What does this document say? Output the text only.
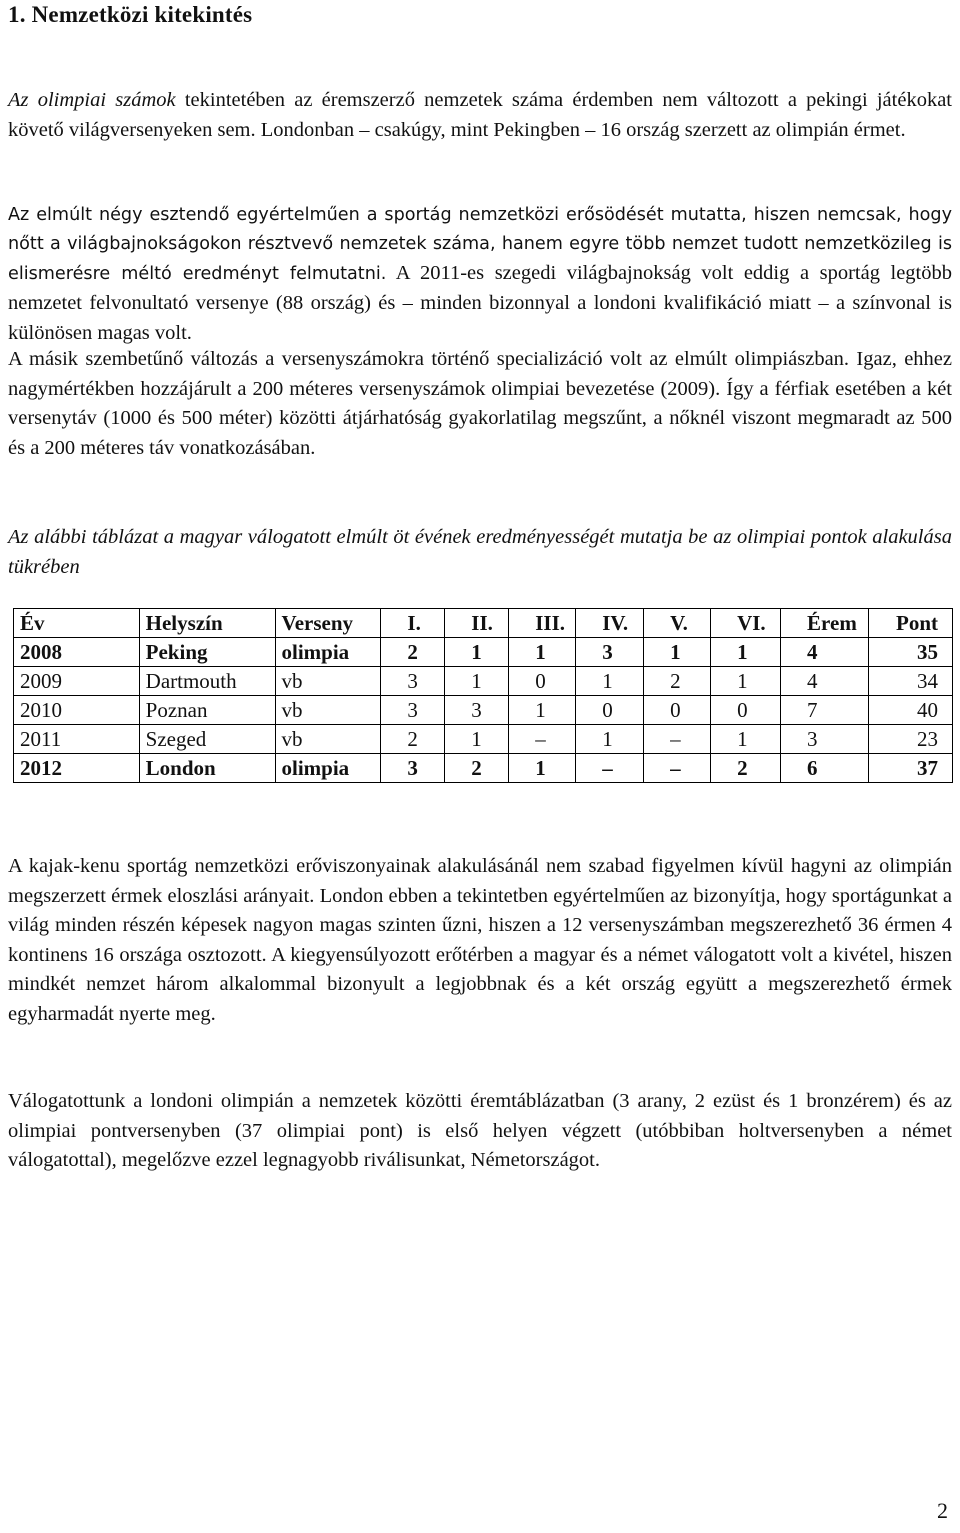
1. Nemzetközi kitekintés

Az olimpiai számok tekintetében az éremszerző nemzetek száma érdemben nem változott a pekingi játékokat követő világversenyeken sem. Londonban – csakúgy, mint Pekingben – 16 ország szerzett az olimpián érmet.

Az elmúlt négy esztendő egyértelműen a sportág nemzetközi erősödését mutatta, hiszen nemcsak, hogy nőtt a világbajnokságokon résztvevő nemzetek száma, hanem egyre több nemzet tudott nemzetközileg is elismerésre méltó eredményt felmutatni. A 2011-es szegedi világbajnokság volt eddig a sportág legtöbb nemzetet felvonultató versenye (88 ország) és – minden bizonnyal a londoni kvalifikáció miatt – a színvonal is különösen magas volt.

A másik szembetűnő változás a versenyszámokra történő specializáció volt az elmúlt olimpiászban. Igaz, ehhez nagymértékben hozzájárult a 200 méteres versenyszámok olimpiai bevezetése (2009). Így a férfiak esetében a két versenytáv (1000 és 500 méter) közötti átjárhatóság gyakorlatilag megszűnt, a nőknél viszont megmaradt az 500 és a 200 méteres táv vonatkozásában.

Az alábbi táblázat a magyar válogatott elmúlt öt évének eredményességét mutatja be az olimpiai pontok alakulása tükrében

Év	Helyszín	Verseny	I.	II.	III.	IV.	V.	VI.	Érem	Pont
2008	Peking	olimpia	2	1	1	3	1	1	4	35
2009	Dartmouth	vb	3	1	0	1	2	1	4	34
2010	Poznan	vb	3	3	1	0	0	0	7	40
2011	Szeged	vb	2	1	–	1	–	1	3	23
2012	London	olimpia	3	2	1	–	–	2	6	37

A kajak-kenu sportág nemzetközi erőviszonyainak alakulásánál nem szabad figyelmen kívül hagyni az olimpián megszerzett érmek eloszlási arányait. London ebben a tekintetben egyértelműen az bizonyítja, hogy sportágunkat a világ minden részén képesek nagyon magas szinten űzni, hiszen a 12 versenyszámban megszerezhető 36 érmen 4 kontinens 16 országa osztozott. A kiegyensúlyozott erőtérben a magyar és a német válogatott volt a kivétel, hiszen mindkét nemzet három alkalommal bizonyult a legjobbnak és a két ország együtt a megszerezhető érmek egyharmadát nyerte meg.

Válogatottunk a londoni olimpián a nemzetek közötti éremtáblázatban (3 arany, 2 ezüst és 1 bronzérem) és az olimpiai pontversenyben (37 olimpiai pont) is első helyen végzett (utóbbiban holtversenyben a német válogatottal), megelőzve ezzel legnagyobb riválisunkat, Németországot.

2
